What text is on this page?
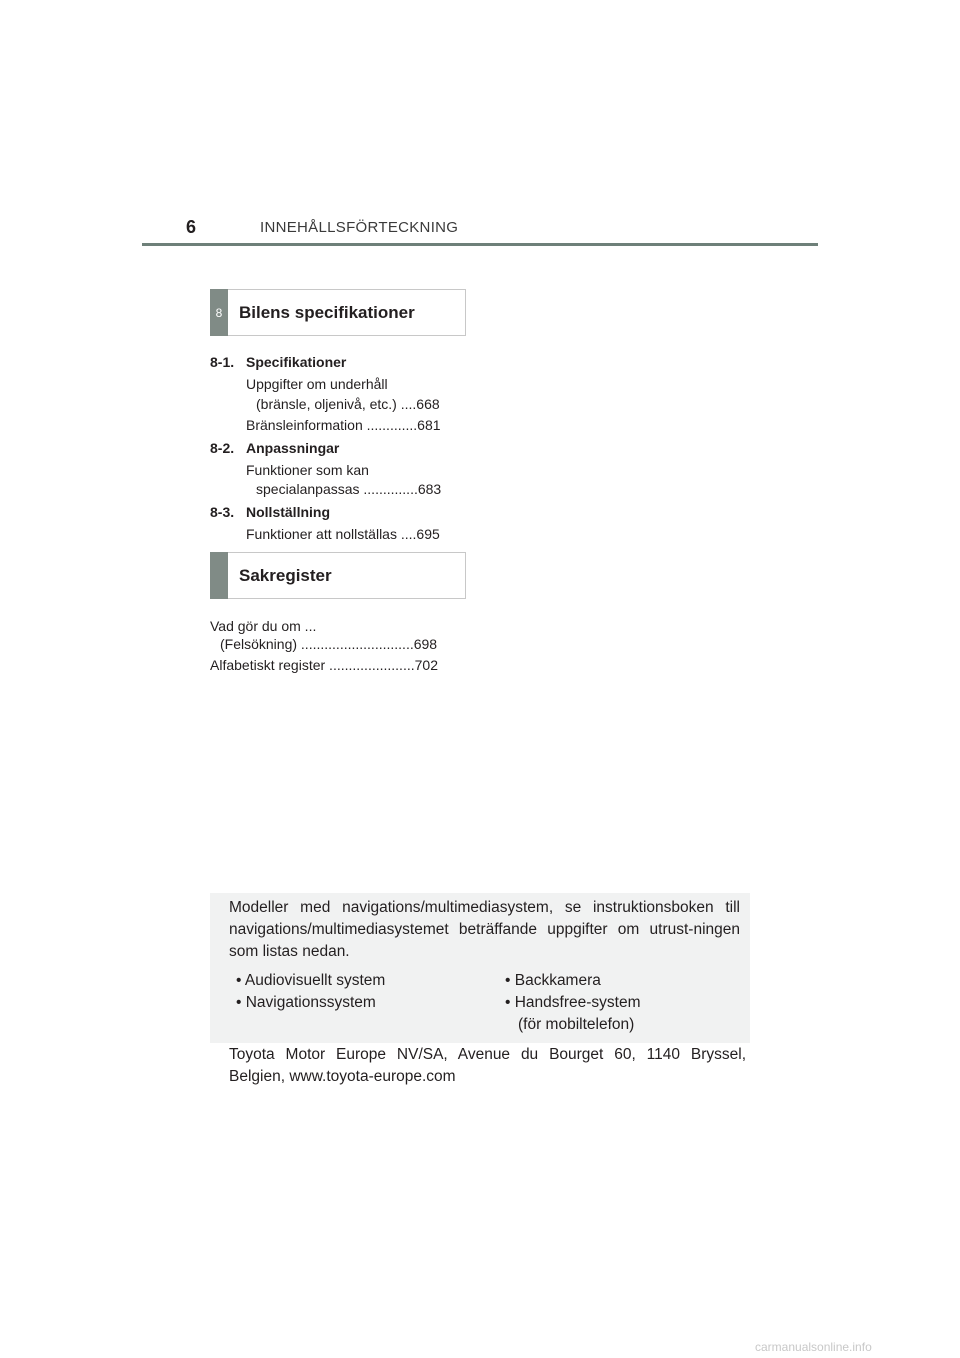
6	INNEHÅLLSFÖRTECKNING
8 Bilens specifikationer
8-1. Specifikationer
Uppgifter om underhåll
(bränsle, oljenivå, etc.) ....668
Bränsleinformation .............681
8-2. Anpassningar
Funktioner som kan
specialanpassas ..............683
8-3. Nollställning
Funktioner att nollställas ....695
Sakregister
Vad gör du om ...
(Felsökning) .............................698
Alfabetiskt register ......................702
Modeller med navigations/multimediasystem, se instruktionsboken till navigations/multimediasystemet beträffande uppgifter om utrust-ningen som listas nedan.
• Audiovisuellt system
• Navigationssystem
• Backkamera
• Handsfree-system
(för mobiltelefon)
Toyota Motor Europe NV/SA, Avenue du Bourget 60, 1140 Bryssel, Belgien, www.toyota-europe.com
carmanualsonline.info
